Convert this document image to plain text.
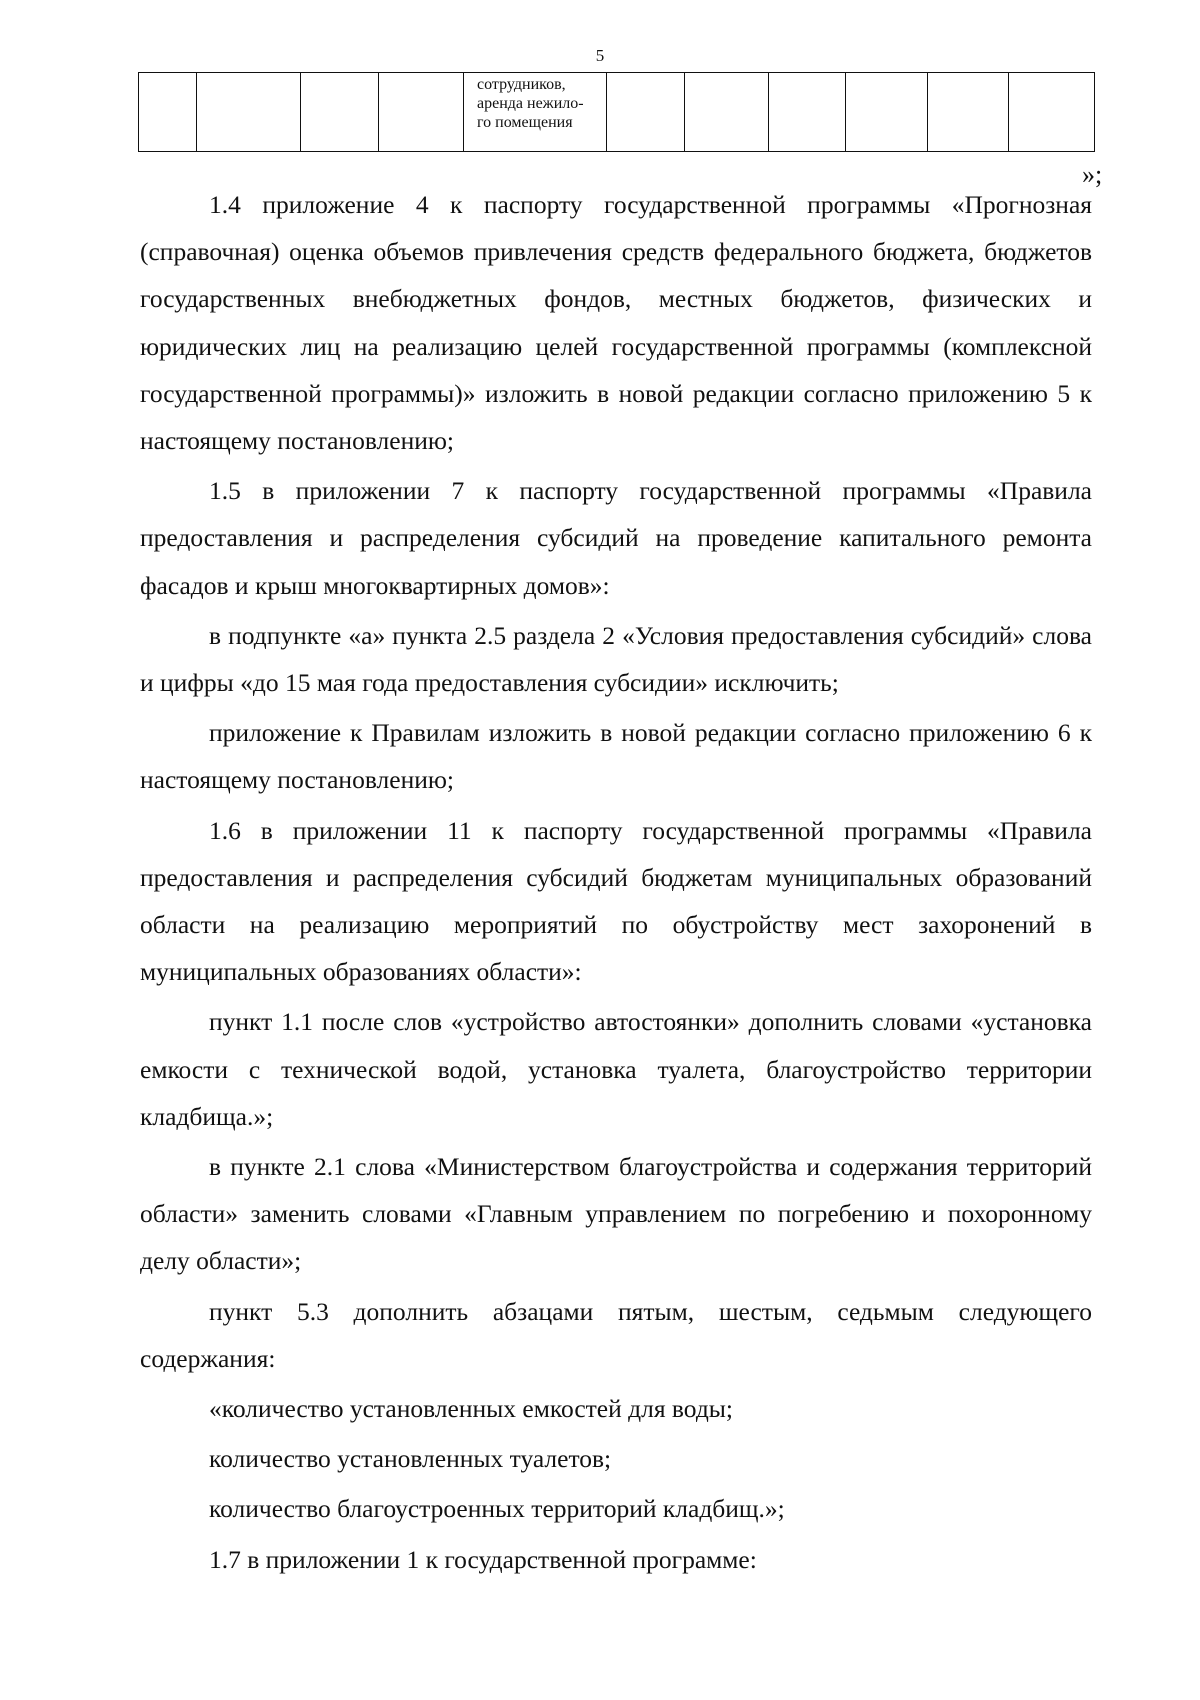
5

сотрудников,
аренда нежило-
го помещения

»;

1.4 приложение 4 к паспорту государственной программы «Прогнозная (справочная) оценка объемов привлечения средств федерального бюджета, бюджетов государственных внебюджетных фондов, местных бюджетов, физических и юридических лиц на реализацию целей государственной программы (комплексной государственной программы)» изложить в новой редакции согласно приложению 5 к настоящему постановлению;

1.5 в приложении 7 к паспорту государственной программы «Правила предоставления и распределения субсидий на проведение капитального ремонта фасадов и крыш многоквартирных домов»:

в подпункте «а» пункта 2.5 раздела 2 «Условия предоставления субсидий» слова и цифры «до 15 мая года предоставления субсидии» исключить;

приложение к Правилам изложить в новой редакции согласно приложению 6 к настоящему постановлению;

1.6 в приложении 11 к паспорту государственной программы «Правила предоставления и распределения субсидий бюджетам муниципальных образований области на реализацию мероприятий по обустройству мест захоронений в муниципальных образованиях области»:

пункт 1.1 после слов «устройство автостоянки» дополнить словами «установка емкости с технической водой, установка туалета, благоустройство территории кладбища.»;

в пункте 2.1 слова «Министерством благоустройства и содержания территорий области» заменить словами «Главным управлением по погребению и похоронному делу области»;

пункт 5.3 дополнить абзацами пятым, шестым, седьмым следующего содержания:

«количество установленных емкостей для воды;

количество установленных туалетов;

количество благоустроенных территорий кладбищ.»;

1.7 в приложении 1 к государственной программе:
